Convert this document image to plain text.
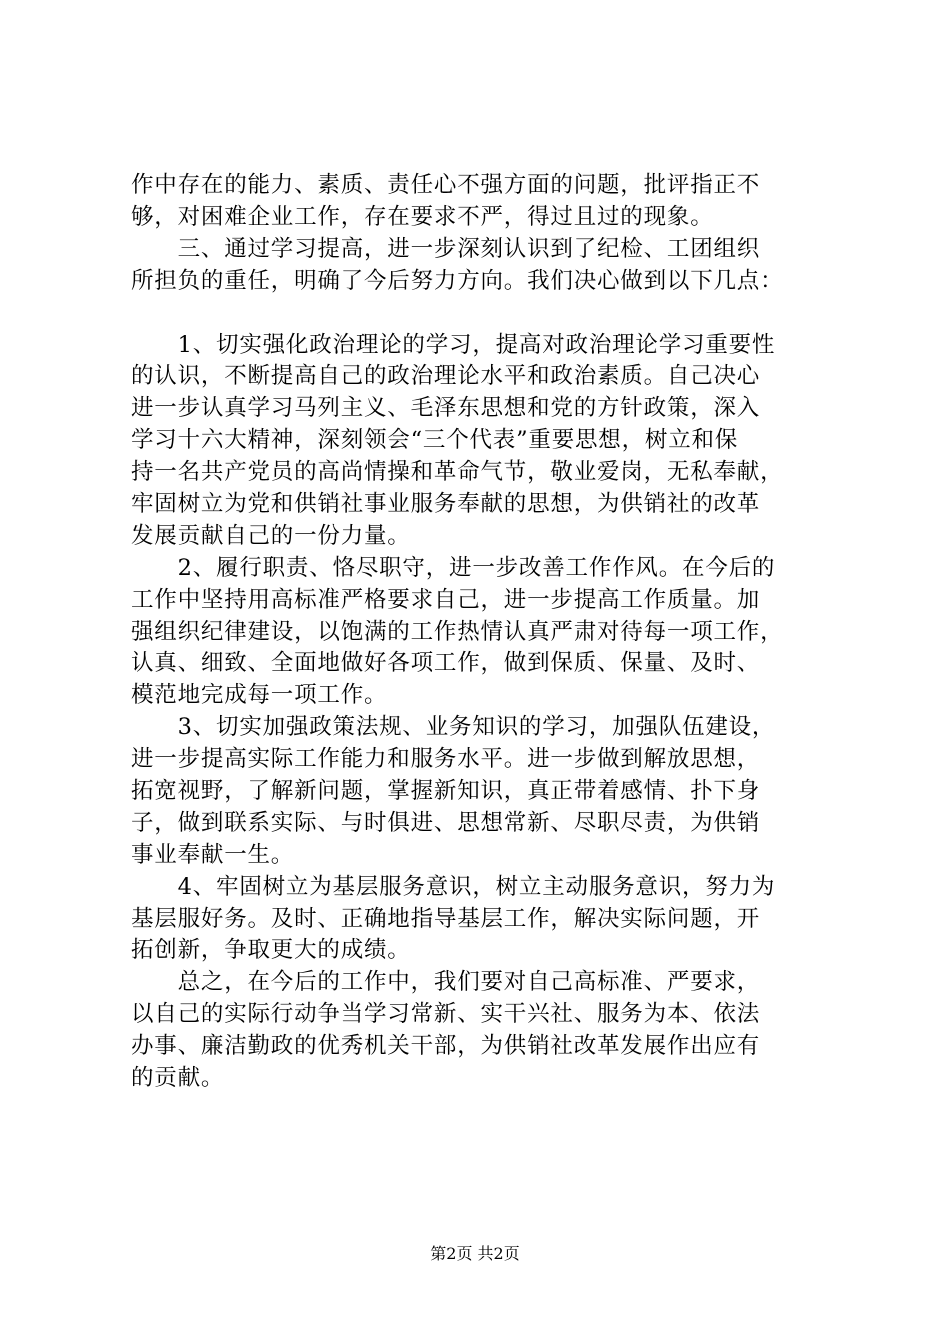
作中存在的能力、素质、责任心不强方面的问题，批评指正不
够，对困难企业工作，存在要求不严，得过且过的现象。
　　三、通过学习提高，进一步深刻认识到了纪检、工团组织
所担负的重任，明确了今后努力方向。我们决心做到以下几点：
　　1、切实强化政治理论的学习，提高对政治理论学习重要性
的认识，不断提高自己的政治理论水平和政治素质。自己决心
进一步认真学习马列主义、毛泽东思想和党的方针政策，深入
学习十六大精神，深刻领会“三个代表”重要思想，树立和保
持一名共产党员的高尚情操和革命气节，敬业爱岗，无私奉献，
牢固树立为党和供销社事业服务奉献的思想，为供销社的改革
发展贡献自己的一份力量。
　　2、履行职责、恪尽职守，进一步改善工作作风。在今后的
工作中坚持用高标准严格要求自己，进一步提高工作质量。加
强组织纪律建设，以饱满的工作热情认真严肃对待每一项工作，
认真、细致、全面地做好各项工作，做到保质、保量、及时、
模范地完成每一项工作。
　　3、切实加强政策法规、业务知识的学习，加强队伍建设，
进一步提高实际工作能力和服务水平。进一步做到解放思想，
拓宽视野，了解新问题，掌握新知识，真正带着感情、扑下身
子，做到联系实际、与时俱进、思想常新、尽职尽责，为供销
事业奉献一生。
　　4、牢固树立为基层服务意识，树立主动服务意识，努力为
基层服好务。及时、正确地指导基层工作，解决实际问题，开
拓创新，争取更大的成绩。
　　总之，在今后的工作中，我们要对自己高标准、严要求，
以自己的实际行动争当学习常新、实干兴社、服务为本、依法
办事、廉洁勤政的优秀机关干部，为供销社改革发展作出应有
的贡献。
第2页 共2页
